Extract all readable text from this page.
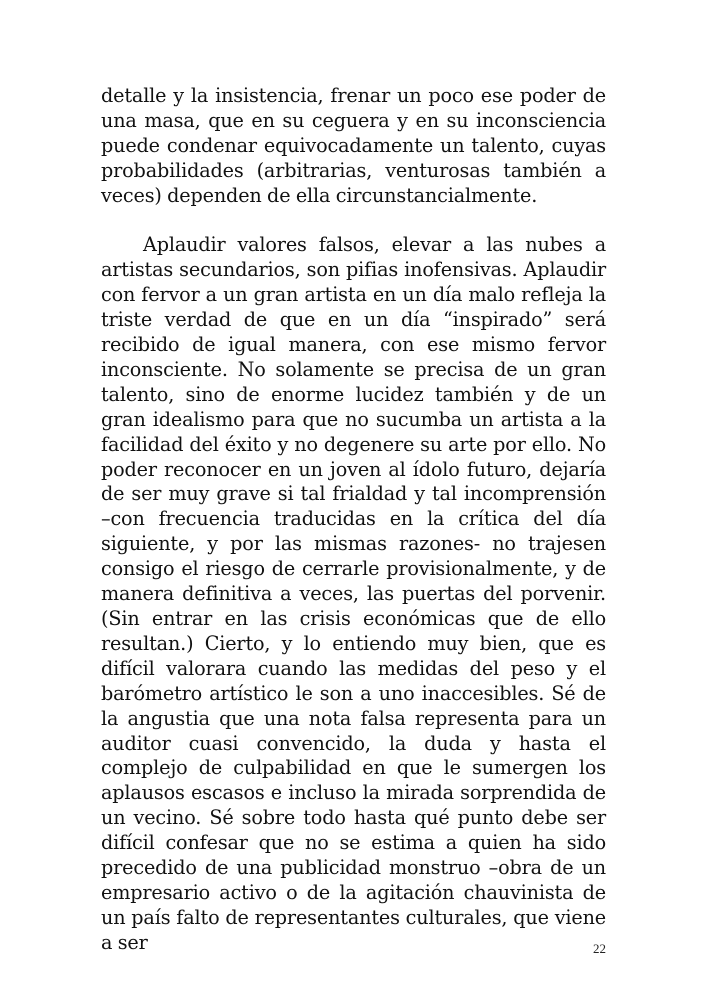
detalle y la insistencia, frenar un poco ese poder de una masa, que en su ceguera y en su inconsciencia puede condenar equivocadamente un talento, cuyas probabilidades (arbitrarias, venturosas también a veces) dependen de ella circunstancialmente.

Aplaudir valores falsos, elevar a las nubes a artistas secundarios, son pifias inofensivas. Aplaudir con fervor a un gran artista en un día malo refleja la triste verdad de que en un día “inspirado” será recibido de igual manera, con ese mismo fervor inconsciente. No solamente se precisa de un gran talento, sino de enorme lucidez también y de un gran idealismo para que no sucumba un artista a la facilidad del éxito y no degenere su arte por ello. No poder reconocer en un joven al ídolo futuro, dejaría de ser muy grave si tal frialdad y tal incomprensión –con frecuencia traducidas en la crítica del día siguiente, y por las mismas razones- no trajesen consigo el riesgo de cerrarle provisionalmente, y de manera definitiva a veces, las puertas del porvenir. (Sin entrar en las crisis económicas que de ello resultan.) Cierto, y lo entiendo muy bien, que es difícil valorara cuando las medidas del peso y el barómetro artístico le son a uno inaccesibles. Sé de la angustia que una nota falsa representa para un auditor cuasi convencido, la duda y hasta el complejo de culpabilidad en que le sumergen los aplausos escasos e incluso la mirada sorprendida de un vecino. Sé sobre todo hasta qué punto debe ser difícil confesar que no se estima a quien ha sido precedido de una publicidad monstruo –obra de un empresario activo o de la agitación chauvinista de un país falto de representantes culturales, que viene a ser	22
